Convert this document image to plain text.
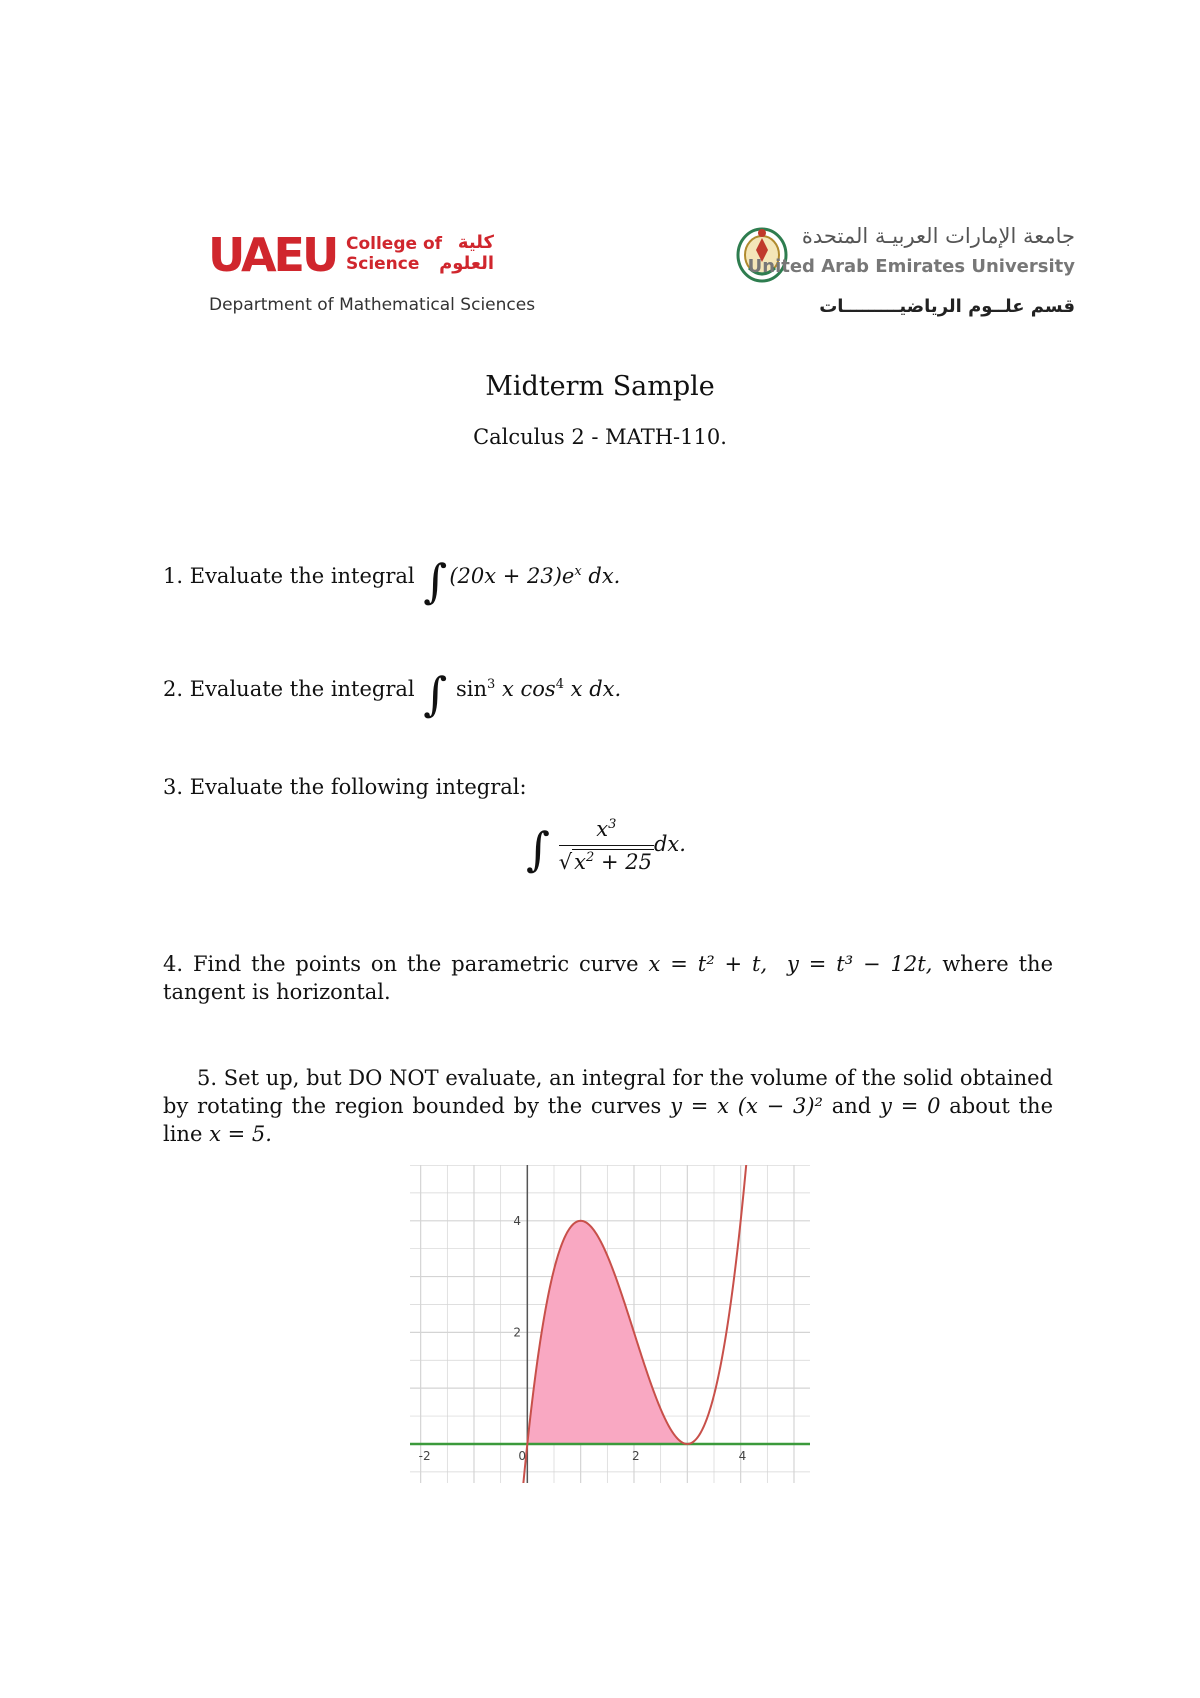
UAEU College of
Science
كلية
العلوم
Department of Mathematical Sciences
جامعة الإمارات العربيـة المتحدة
United Arab Emirates University
قسم علــوم الرياضيـــــــــات
Midterm Sample
Calculus 2 - MATH-110.
1. Evaluate the integral $\int(20x + 23)e^x$ dx.
2. Evaluate the integral ∫ $\sin^3 x$ $\cos^4 x$ dx.
3. Evaluate the following integral:
∫ $\frac{x^3}{√x^2 + 25}$ dx.
4. Find the points on the parametric curve x = t² + t, y = t³ − 12t, where the tangent is horizontal.
5. Set up, but DO NOT evaluate, an integral for the volume of the solid obtained by rotating the region bounded by the curves y = x (x − 3)² and y = 0 about the line x = 5.
-2	0	2	4
2
4
